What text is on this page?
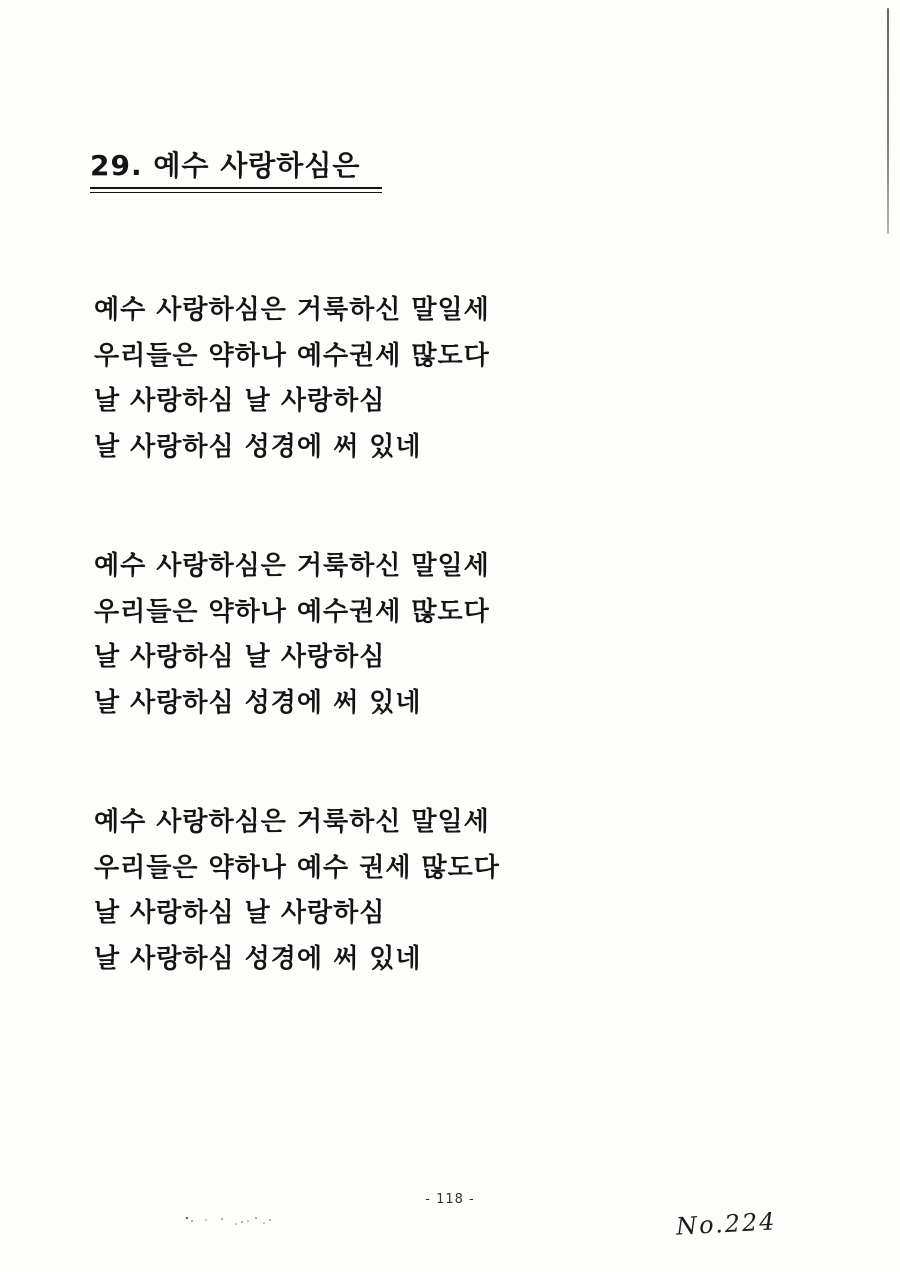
29. 예수 사랑하심은
예수 사랑하심은 거룩하신 말일세
우리들은 약하나 예수권세 많도다
날 사랑하심 날 사랑하심
날 사랑하심 성경에 써 있네
예수 사랑하심은 거룩하신 말일세
우리들은 약하나 예수권세 많도다
날 사랑하심 날 사랑하심
날 사랑하심 성경에 써 있네
예수 사랑하심은 거룩하신 말일세
우리들은 약하나 예수 권세 많도다
날 사랑하심 날 사랑하심
날 사랑하심 성경에 써 있네
- 118 -
No.224
